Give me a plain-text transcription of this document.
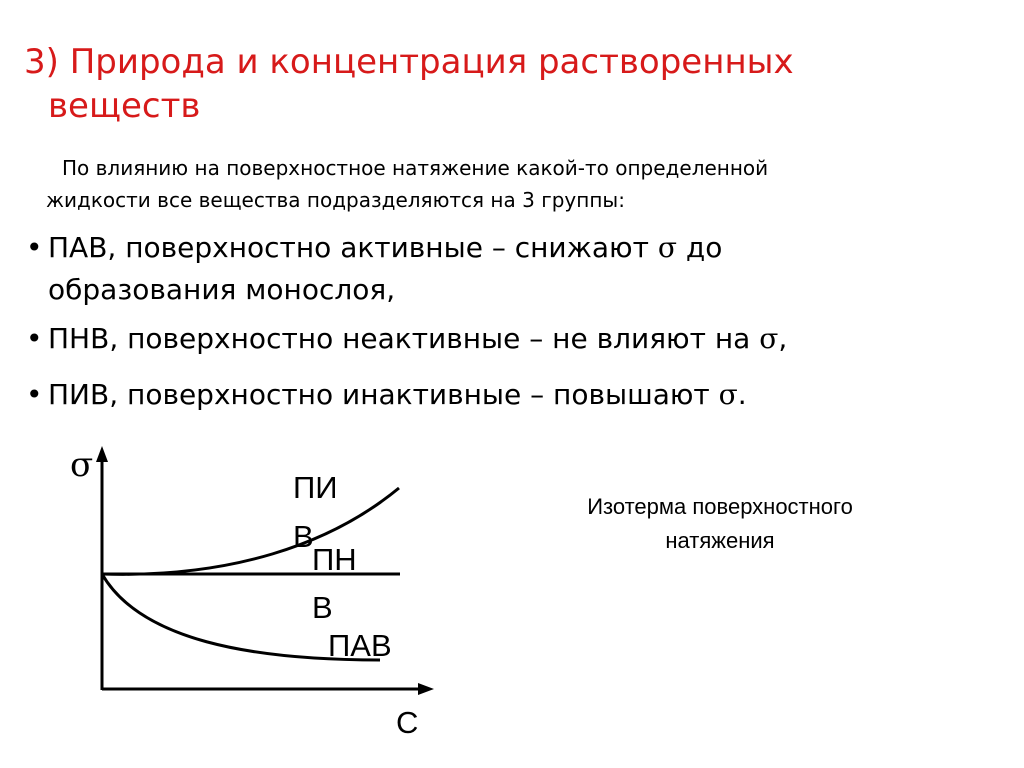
3) Природа и концентрация растворенных
веществ
По влиянию на поверхностное натяжение какой-то определенной
жидкости все вещества подразделяются на 3 группы:
• ПАВ, поверхностно активные – снижают σ до
образования монослоя,
• ПНВ, поверхностно неактивные – не влияют на σ,
• ПИВ, поверхностно инактивные – повышают σ.
σ
C
ПИ
В
ПН
В
ПАВ
Изотерма поверхностного
натяжения
